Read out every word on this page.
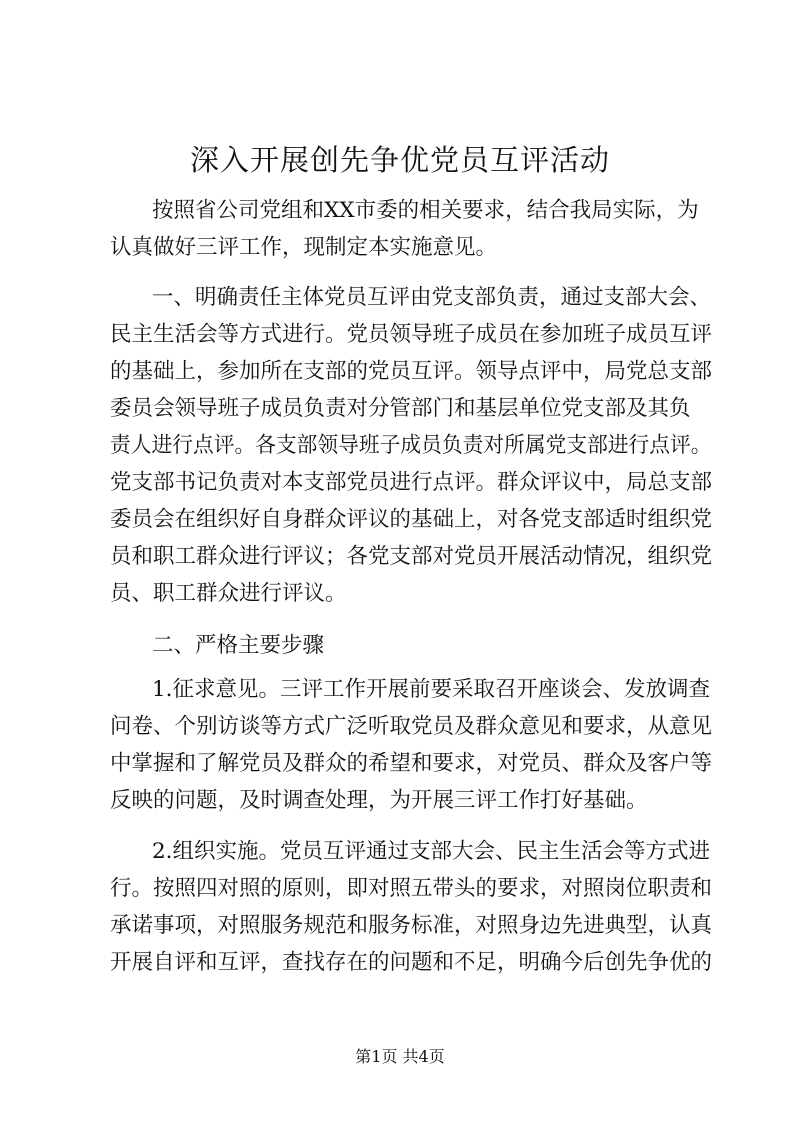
深入开展创先争优党员互评活动

按照省公司党组和XX市委的相关要求，结合我局实际，为

认真做好三评工作，现制定本实施意见。

一、明确责任主体党员互评由党支部负责，通过支部大会、

民主生活会等方式进行。党员领导班子成员在参加班子成员互评

的基础上，参加所在支部的党员互评。领导点评中，局党总支部

委员会领导班子成员负责对分管部门和基层单位党支部及其负

责人进行点评。各支部领导班子成员负责对所属党支部进行点评。

党支部书记负责对本支部党员进行点评。群众评议中，局总支部

委员会在组织好自身群众评议的基础上，对各党支部适时组织党

员和职工群众进行评议；各党支部对党员开展活动情况，组织党

员、职工群众进行评议。

二、严格主要步骤

1.征求意见。三评工作开展前要采取召开座谈会、发放调查

问卷、个别访谈等方式广泛听取党员及群众意见和要求，从意见

中掌握和了解党员及群众的希望和要求，对党员、群众及客户等

反映的问题，及时调查处理，为开展三评工作打好基础。

2.组织实施。党员互评通过支部大会、民主生活会等方式进

行。按照四对照的原则，即对照五带头的要求，对照岗位职责和

承诺事项，对照服务规范和服务标准，对照身边先进典型，认真

开展自评和互评，查找存在的问题和不足，明确今后创先争优的

第1页 共4页
